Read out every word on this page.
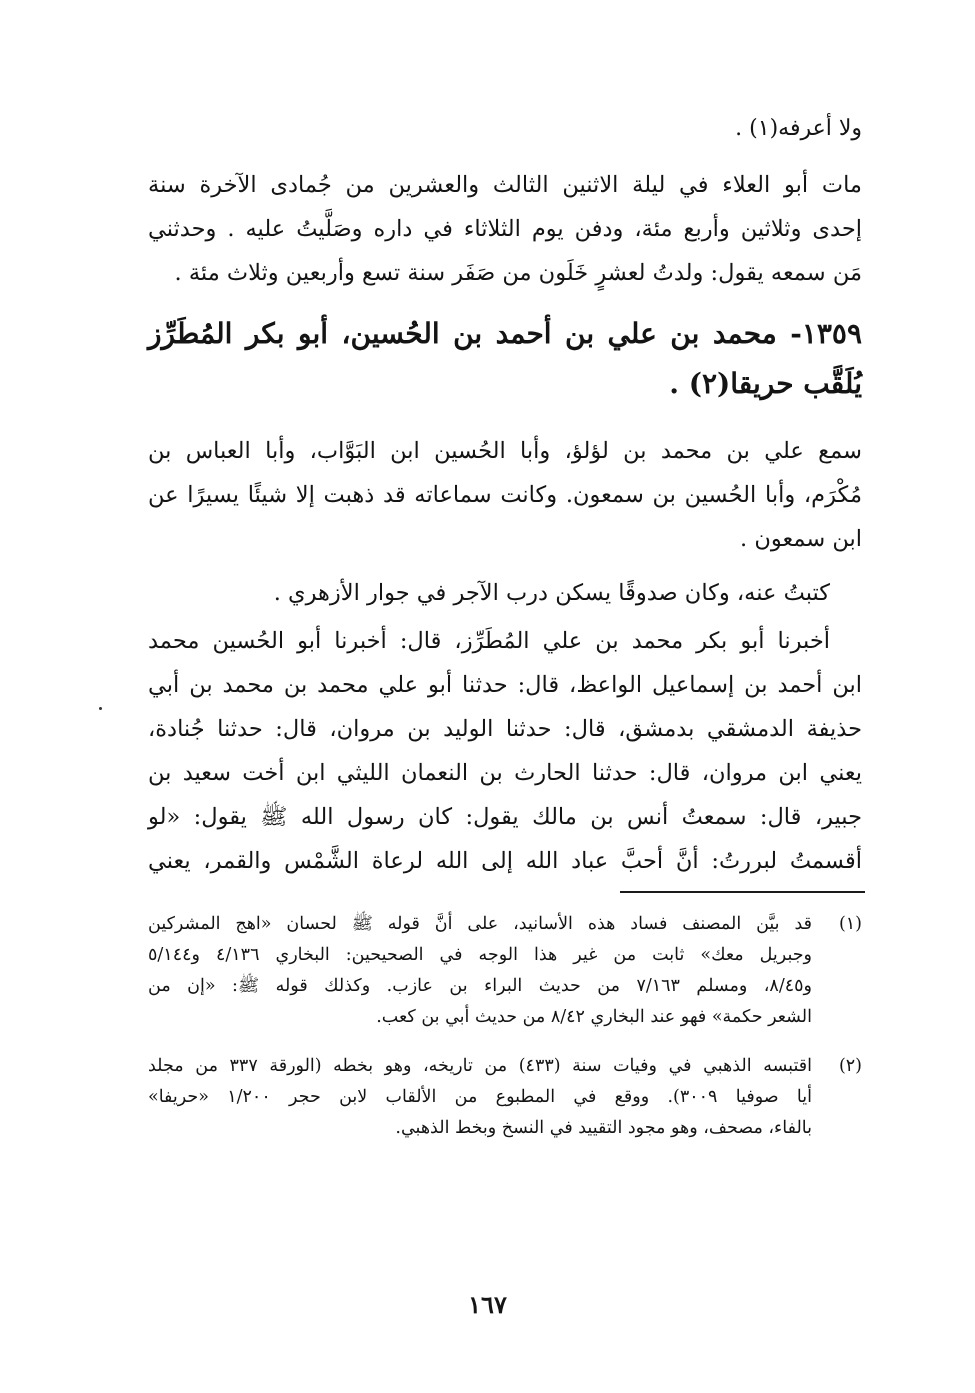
ولا أعرفه(١) .
مات أبو العلاء في ليلة الاثنين الثالث والعشرين من جُمادى الآخرة سنة
إحدى وثلاثين وأربع مئة، ودفن يوم الثلاثاء في داره وصَلَّيتُ عليه . وحدثني
مَن سمعه يقول: ولدتُ لعشرٍ خَلَون من صَفَر سنة تسع وأربعين وثلاث مئة .
١٣٥٩- محمد بن علي بن أحمد بن الحُسين، أبو بكر المُطَرِّز
يُلَقَّب حريقا(٢) .
سمع علي بن محمد بن لؤلؤ، وأبا الحُسين ابن البَوَّاب، وأبا العباس بن
مُكْرَم، وأبا الحُسين بن سمعون. وكانت سماعاته قد ذهبت إلا شيئًا يسيرًا عن
ابن سمعون .
كتبتُ عنه، وكان صدوقًا يسكن درب الآجر في جوار الأزهري .
أخبرنا أبو بكر محمد بن علي المُطَرِّز، قال: أخبرنا أبو الحُسين محمد
ابن أحمد بن إسماعيل الواعظ، قال: حدثنا أبو علي محمد بن محمد بن أبي
حذيفة الدمشقي بدمشق، قال: حدثنا الوليد بن مروان، قال: حدثنا جُنادة،
يعني ابن مروان، قال: حدثنا الحارث بن النعمان الليثي ابن أخت سعيد بن
جبير، قال: سمعتُ أنس بن مالك يقول: كان رسول الله ﷺ يقول: «لو
أقسمتُ لبررتُ: أنَّ أحبَّ عباد الله إلى الله لرعاة الشَّمْس والقمر، يعني
(١)
قد بيَّن المصنف فساد هذه الأسانيد، على أنَّ قوله ﷺ لحسان «اهج المشركين
وجبريل معك» ثابت من غير هذا الوجه في الصحيحين: البخاري ٤/١٣٦ و٥/١٤٤
و٨/٤٥، ومسلم ٧/١٦٣ من حديث البراء بن عازب. وكذلك قوله ﷺ: «إن من
الشعر حكمة» فهو عند البخاري ٨/٤٢ من حديث أبي بن كعب.
(٢)
اقتبسه الذهبي في وفيات سنة (٤٣٣) من تاريخه، وهو بخطه (الورقة ٣٣٧ من مجلد
أيا صوفيا ٣٠٠٩). ووقع في المطبوع من الألقاب لابن حجر ١/٢٠٠ «حريفا»
بالفاء، مصحف، وهو مجود التقييد في النسخ وبخط الذهبي.
١٦٧
